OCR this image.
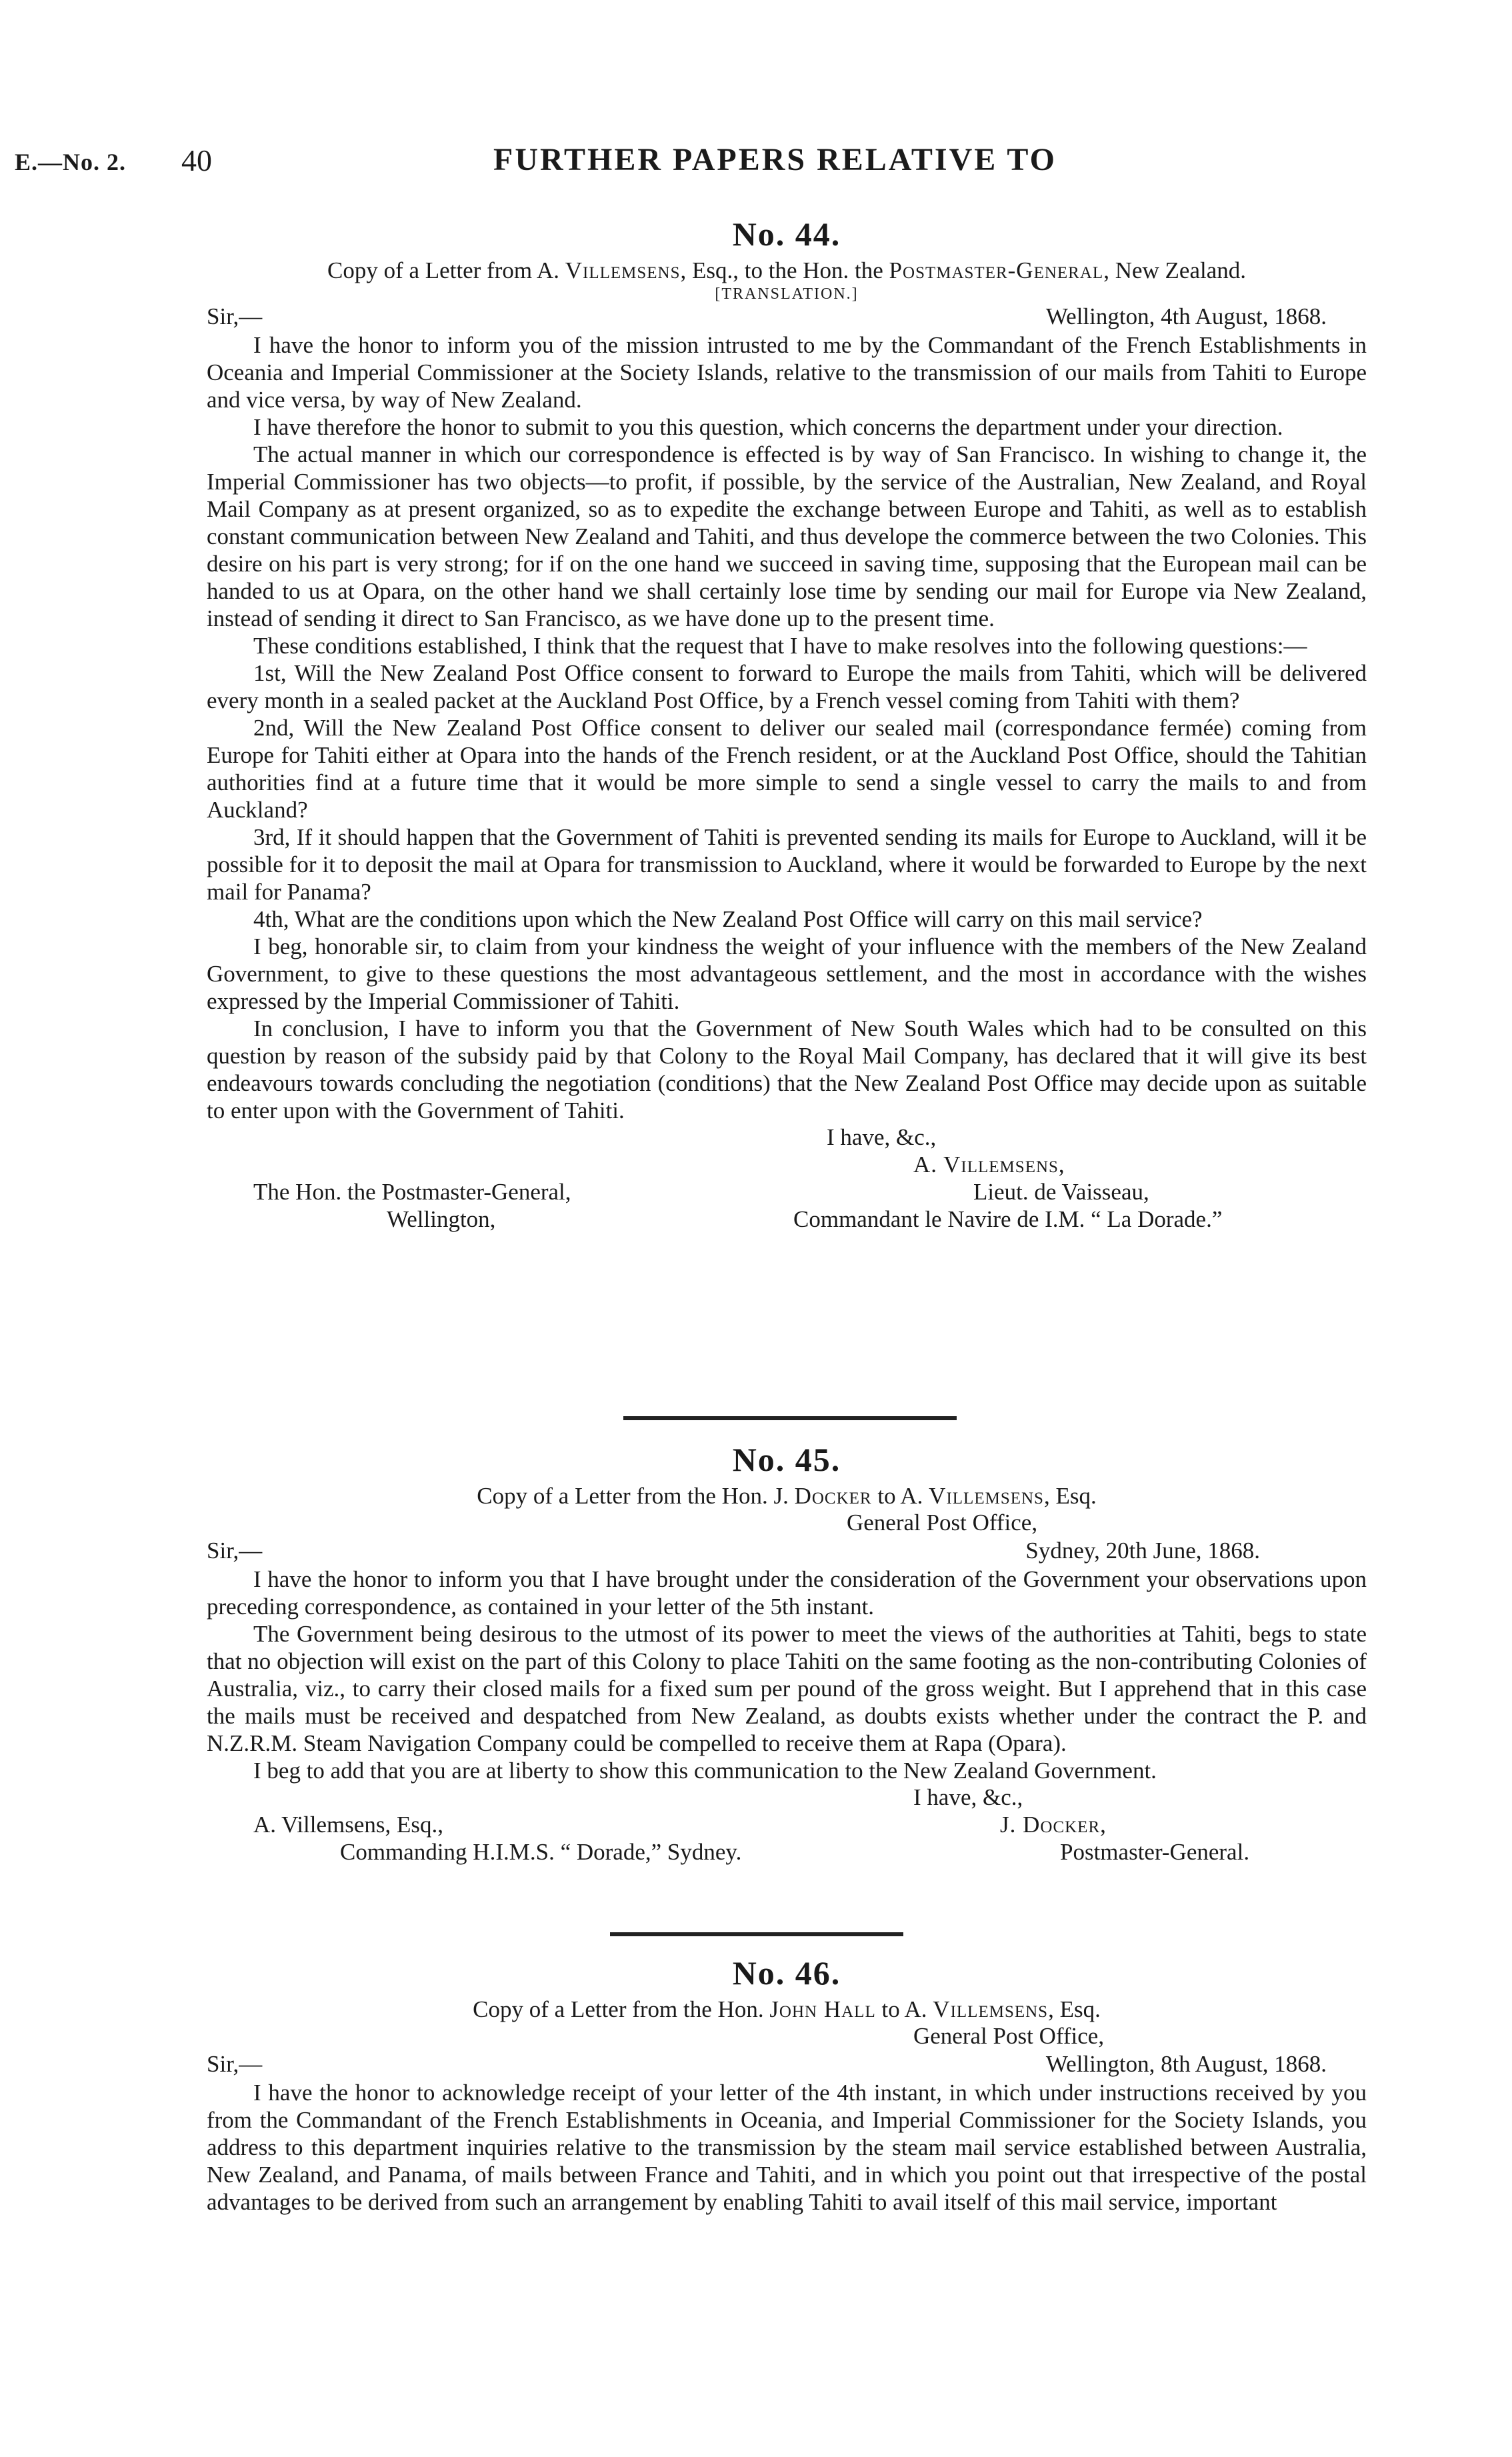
E.—No. 2. 40	FURTHER PAPERS RELATIVE TO
No. 44.

Copy of a Letter from A. Villemsens, Esq., to the Hon. the Postmaster-General, New Zealand.

[TRANSLATION.]

Sir,—	Wellington, 4th August, 1868.

I have the honor to inform you of the mission intrusted to me by the Commandant of the French Establishments in Oceania and Imperial Commissioner at the Society Islands, relative to the transmission of our mails from Tahiti to Europe and vice versa, by way of New Zealand.

I have therefore the honor to submit to you this question, which concerns the department under your direction.

The actual manner in which our correspondence is effected is by way of San Francisco. In wishing to change it, the Imperial Commissioner has two objects—to profit, if possible, by the service of the Australian, New Zealand, and Royal Mail Company as at present organized, so as to expedite the exchange between Europe and Tahiti, as well as to establish constant communication between New Zealand and Tahiti, and thus develope the commerce between the two Colonies. This desire on his part is very strong; for if on the one hand we succeed in saving time, supposing that the European mail can be handed to us at Opara, on the other hand we shall certainly lose time by sending our mail for Europe via New Zealand, instead of sending it direct to San Francisco, as we have done up to the present time.

These conditions established, I think that the request that I have to make resolves into the following questions:—

1st, Will the New Zealand Post Office consent to forward to Europe the mails from Tahiti, which will be delivered every month in a sealed packet at the Auckland Post Office, by a French vessel coming from Tahiti with them?

2nd, Will the New Zealand Post Office consent to deliver our sealed mail (correspondance fermée) coming from Europe for Tahiti either at Opara into the hands of the French resident, or at the Auckland Post Office, should the Tahitian authorities find at a future time that it would be more simple to send a single vessel to carry the mails to and from Auckland?

3rd, If it should happen that the Government of Tahiti is prevented sending its mails for Europe to Auckland, will it be possible for it to deposit the mail at Opara for transmission to Auckland, where it would be forwarded to Europe by the next mail for Panama?

4th, What are the conditions upon which the New Zealand Post Office will carry on this mail service?

I beg, honorable sir, to claim from your kindness the weight of your influence with the members of the New Zealand Government, to give to these questions the most advantageous settlement, and the most in accordance with the wishes expressed by the Imperial Commissioner of Tahiti.

In conclusion, I have to inform you that the Government of New South Wales which had to be consulted on this question by reason of the subsidy paid by that Colony to the Royal Mail Company, has declared that it will give its best endeavours towards concluding the negotiation (conditions) that the New Zealand Post Office may decide upon as suitable to enter upon with the Government of Tahiti.

I have, &c.,
A. Villemsens,
The Hon. the Postmaster-General,	Lieut. de Vaisseau,
Wellington,	Commandant le Navire de I.M. “ La Dorade.”
No. 45.

Copy of a Letter from the Hon. J. Docker to A. Villemsens, Esq.

General Post Office,
Sir,—	Sydney, 20th June, 1868.

I have the honor to inform you that I have brought under the consideration of the Government your observations upon preceding correspondence, as contained in your letter of the 5th instant.

The Government being desirous to the utmost of its power to meet the views of the authorities at Tahiti, begs to state that no objection will exist on the part of this Colony to place Tahiti on the same footing as the non-contributing Colonies of Australia, viz., to carry their closed mails for a fixed sum per pound of the gross weight. But I apprehend that in this case the mails must be received and despatched from New Zealand, as doubts exists whether under the contract the P. and N.Z.R.M. Steam Navigation Company could be compelled to receive them at Rapa (Opara).

I beg to add that you are at liberty to show this communication to the New Zealand Government.

I have, &c.,
A. Villemsens, Esq.,	J. Docker,
Commanding H.I.M.S. “ Dorade,” Sydney.	Postmaster-General.
No. 46.

Copy of a Letter from the Hon. John Hall to A. Villemsens, Esq.

General Post Office,
Sir,—	Wellington, 8th August, 1868.

I have the honor to acknowledge receipt of your letter of the 4th instant, in which under instructions received by you from the Commandant of the French Establishments in Oceania, and Imperial Commissioner for the Society Islands, you address to this department inquiries relative to the transmission by the steam mail service established between Australia, New Zealand, and Panama, of mails between France and Tahiti, and in which you point out that irrespective of the postal advantages to be derived from such an arrangement by enabling Tahiti to avail itself of this mail service, important
